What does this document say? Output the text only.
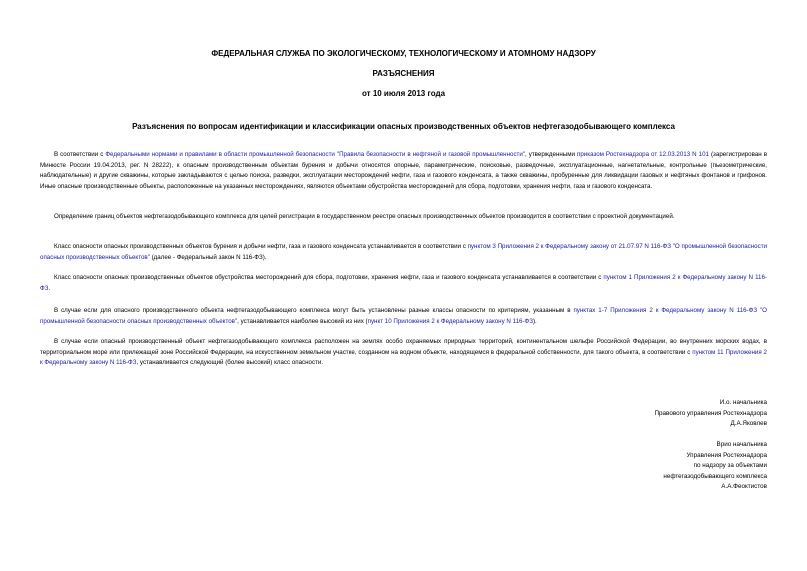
ФЕДЕРАЛЬНАЯ СЛУЖБА ПО ЭКОЛОГИЧЕСКОМУ, ТЕХНОЛОГИЧЕСКОМУ И АТОМНОМУ НАДЗОРУ
РАЗЪЯСНЕНИЯ
от 10 июля 2013 года
Разъяснения по вопросам идентификации и классификации опасных производственных объектов нефтегазодобывающего комплекса
В соответствии с Федеральными нормами и правилами в области промышленной безопасности "Правила безопасности в нефтяной и газовой промышленности", утвержденными приказом Ростехнадзора от 12.03.2013 N 101 (зарегистрирован в Минюсте России 19.04.2013, рег. N 28222), к опасным производственным объектам бурения и добычи относятся опорные, параметрические, поисковые, разведочные, эксплуатационные, нагнетательные, контрольные (пьезометрические, наблюдательные) и другие скважины, которые закладываются с целью поиска, разведки, эксплуатации месторождений нефти, газа и газового конденсата, а также скважины, пробуренные для ликвидации газовых и нефтяных фонтанов и грифонов. Иные опасные производственные объекты, расположенные на указанных месторождениях, являются объектами обустройства месторождений для сбора, подготовки, хранения нефти, газа и газового конденсата.
Определение границ объектов нефтегазодобывающего комплекса для целей регистрации в государственном реестре опасных производственных объектов производится в соответствии с проектной документацией.
Класс опасности опасных производственных объектов бурения и добычи нефти, газа и газового конденсата устанавливается в соответствии с пунктом 3 Приложения 2 к Федеральному закону от 21.07.97 N 116-ФЗ "О промышленной безопасности опасных производственных объектов" (далее - Федеральный закон N 116-ФЗ).
Класс опасности опасных производственных объектов обустройства месторождений для сбора, подготовки, хранения нефти, газа и газового конденсата устанавливается в соответствии с пунктом 1 Приложения 2 к Федеральному закону N 116-ФЗ.
В случае если для опасного производственного объекта нефтегазодобывающего комплекса могут быть установлены разные классы опасности по критериям, указанным в пунктах 1-7 Приложения 2 к Федеральному закону N 116-ФЗ "О промышленной безопасности опасных производственных объектов", устанавливается наиболее высокий из них (пункт 10 Приложения 2 к Федеральному закону N 116-ФЗ).
В случае если опасный производственный объект нефтегазодобывающего комплекса расположен на землях особо охраняемых природных территорий, континентальном шельфе Российской Федерации, во внутренних морских водах, в территориальном море или прилежащей зоне Российской Федерации, на искусственном земельном участке, созданном на водном объекте, находящемся в федеральной собственности, для такого объекта, в соответствии с пунктом 11 Приложения 2 к Федеральному закону N 116-ФЗ, устанавливается следующий (более высокий) класс опасности.
И.о. начальника
Правового управления Ростехнадзора
Д.А.Яковлев
Врио начальника
Управления Ростехнадзора
по надзору за объектами
нефтегазодобывающего комплекса
А.А.Феоктистов
